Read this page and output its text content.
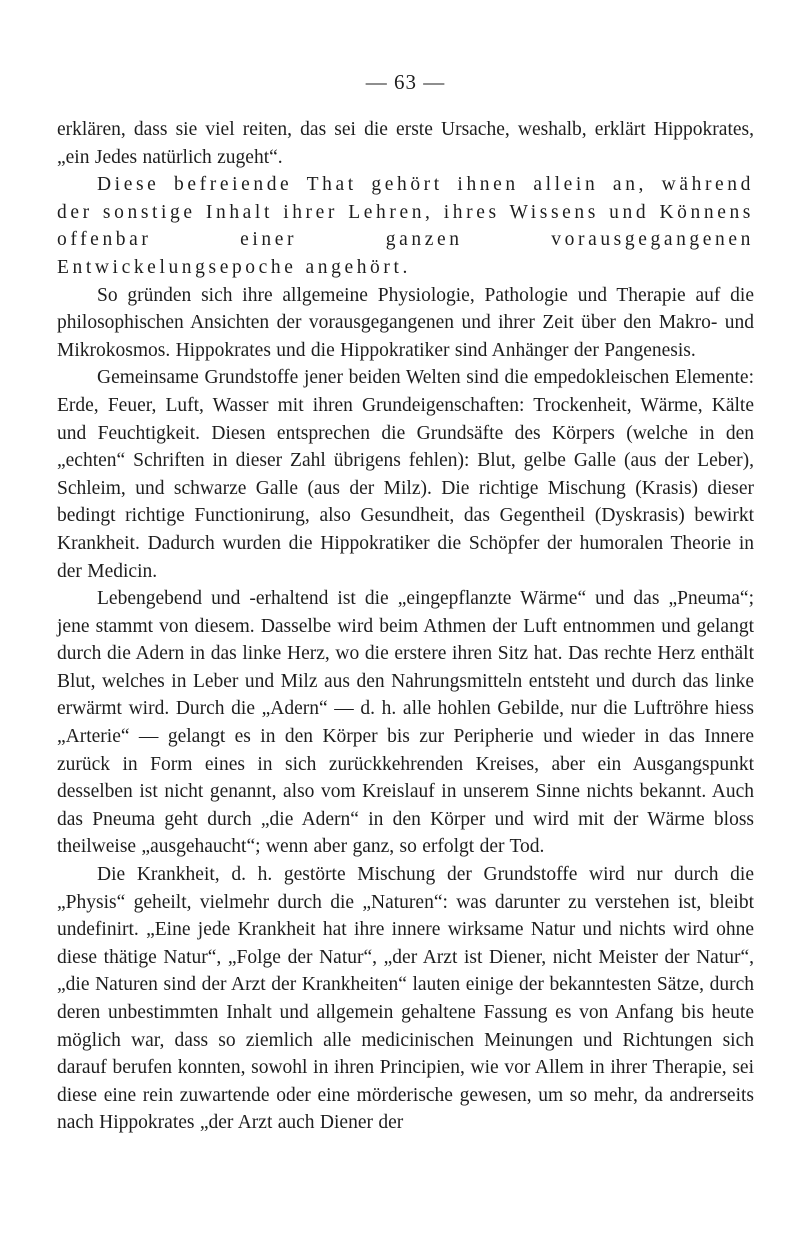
— 63 —

erklären, dass sie viel reiten, das sei die erste Ursache, weshalb, erklärt Hippokrates, „ein Jedes natürlich zugeht“.

Diese befreiende That gehört ihnen allein an, während der sonstige Inhalt ihrer Lehren, ihres Wissens und Könnens offenbar einer ganzen vorausgegangenen Entwickelungsepoche angehört.

So gründen sich ihre allgemeine Physiologie, Pathologie und Therapie auf die philosophischen Ansichten der vorausgegangenen und ihrer Zeit über den Makro- und Mikrokosmos. Hippokrates und die Hippokratiker sind Anhänger der Pangenesis.

Gemeinsame Grundstoffe jener beiden Welten sind die empedokleischen Elemente: Erde, Feuer, Luft, Wasser mit ihren Grundeigenschaften: Trockenheit, Wärme, Kälte und Feuchtigkeit. Diesen entsprechen die Grundsäfte des Körpers (welche in den „echten“ Schriften in dieser Zahl übrigens fehlen): Blut, gelbe Galle (aus der Leber), Schleim, und schwarze Galle (aus der Milz). Die richtige Mischung (Krasis) dieser bedingt richtige Functionirung, also Gesundheit, das Gegentheil (Dyskrasis) bewirkt Krankheit. Dadurch wurden die Hippokratiker die Schöpfer der humoralen Theorie in der Medicin.

Lebengebend und -erhaltend ist die „eingepflanzte Wärme“ und das „Pneuma“; jene stammt von diesem. Dasselbe wird beim Athmen der Luft entnommen und gelangt durch die Adern in das linke Herz, wo die erstere ihren Sitz hat. Das rechte Herz enthält Blut, welches in Leber und Milz aus den Nahrungsmitteln entsteht und durch das linke erwärmt wird. Durch die „Adern“ — d. h. alle hohlen Gebilde, nur die Luftröhre hiess „Arterie“ — gelangt es in den Körper bis zur Peripherie und wieder in das Innere zurück in Form eines in sich zurückkehrenden Kreises, aber ein Ausgangspunkt desselben ist nicht genannt, also vom Kreislauf in unserem Sinne nichts bekannt. Auch das Pneuma geht durch „die Adern“ in den Körper und wird mit der Wärme bloss theilweise „ausgehaucht“; wenn aber ganz, so erfolgt der Tod.

Die Krankheit, d. h. gestörte Mischung der Grundstoffe wird nur durch die „Physis“ geheilt, vielmehr durch die „Naturen“: was darunter zu verstehen ist, bleibt undefinirt. „Eine jede Krankheit hat ihre innere wirksame Natur und nichts wird ohne diese thätige Natur“, „Folge der Natur“, „der Arzt ist Diener, nicht Meister der Natur“, „die Naturen sind der Arzt der Krankheiten“ lauten einige der bekanntesten Sätze, durch deren unbestimmten Inhalt und allgemein gehaltene Fassung es von Anfang bis heute möglich war, dass so ziemlich alle medicinischen Meinungen und Richtungen sich darauf berufen konnten, sowohl in ihren Principien, wie vor Allem in ihrer Therapie, sei diese eine rein zuwartende oder eine mörderische gewesen, um so mehr, da andrerseits nach Hippokrates „der Arzt auch Diener der
